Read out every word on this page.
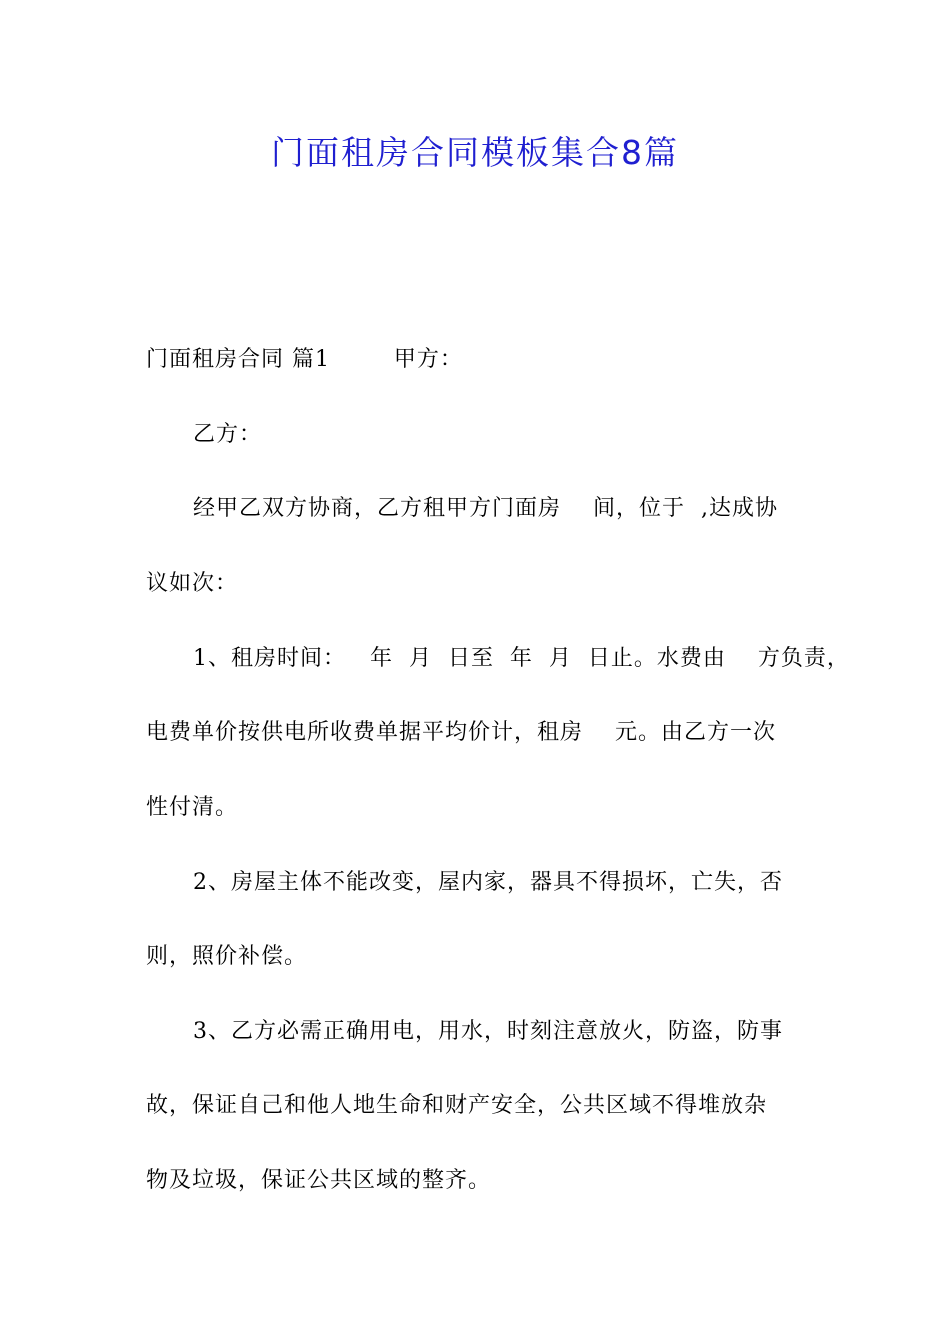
门面租房合同模板集合8篇
门面租房合同 篇1        甲方：
乙方：
经甲乙双方协商，乙方租甲方门面房    间，位于  ,达成协
议如次：
1、租房时间：   年  月  日至  年  月  日止。水费由    方负责，
电费单价按供电所收费单据平均价计，租房    元。由乙方一次
性付清。
2、房屋主体不能改变，屋内家，器具不得损坏，亡失，否
则，照价补偿。
3、乙方必需正确用电，用水，时刻注意放火，防盗，防事
故，保证自己和他人地生命和财产安全，公共区域不得堆放杂
物及垃圾，保证公共区域的整齐。
